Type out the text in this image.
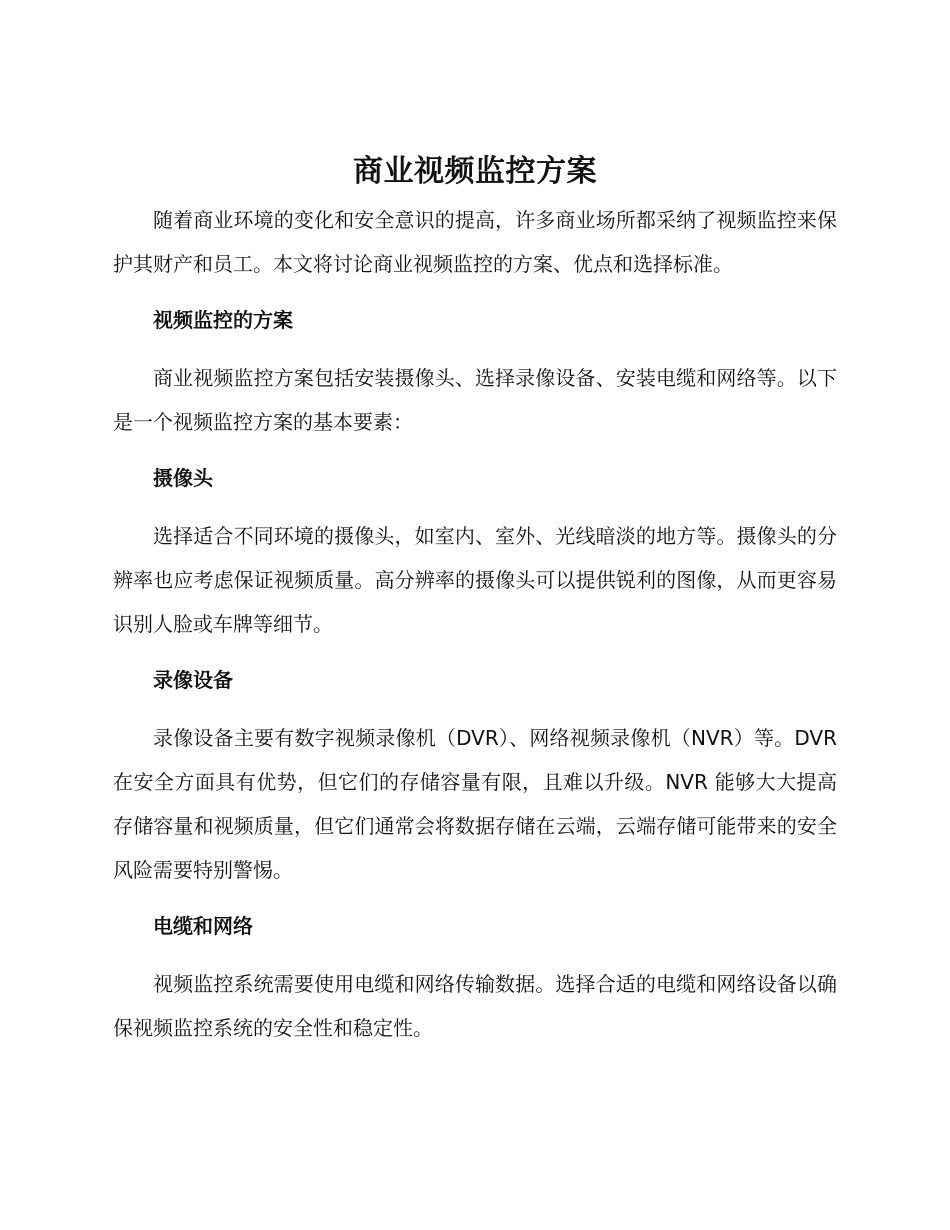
商业视频监控方案

随着商业环境的变化和安全意识的提高，许多商业场所都采纳了视频监控来保护其财产和员工。本文将讨论商业视频监控的方案、优点和选择标准。

视频监控的方案

商业视频监控方案包括安装摄像头、选择录像设备、安装电缆和网络等。以下是一个视频监控方案的基本要素：

摄像头

选择适合不同环境的摄像头，如室内、室外、光线暗淡的地方等。摄像头的分辨率也应考虑保证视频质量。高分辨率的摄像头可以提供锐利的图像，从而更容易识别人脸或车牌等细节。

录像设备

录像设备主要有数字视频录像机（DVR）、网络视频录像机（NVR）等。DVR 在安全方面具有优势，但它们的存储容量有限，且难以升级。NVR 能够大大提高存储容量和视频质量，但它们通常会将数据存储在云端，云端存储可能带来的安全风险需要特别警惕。

电缆和网络

视频监控系统需要使用电缆和网络传输数据。选择合适的电缆和网络设备以确保视频监控系统的安全性和稳定性。
